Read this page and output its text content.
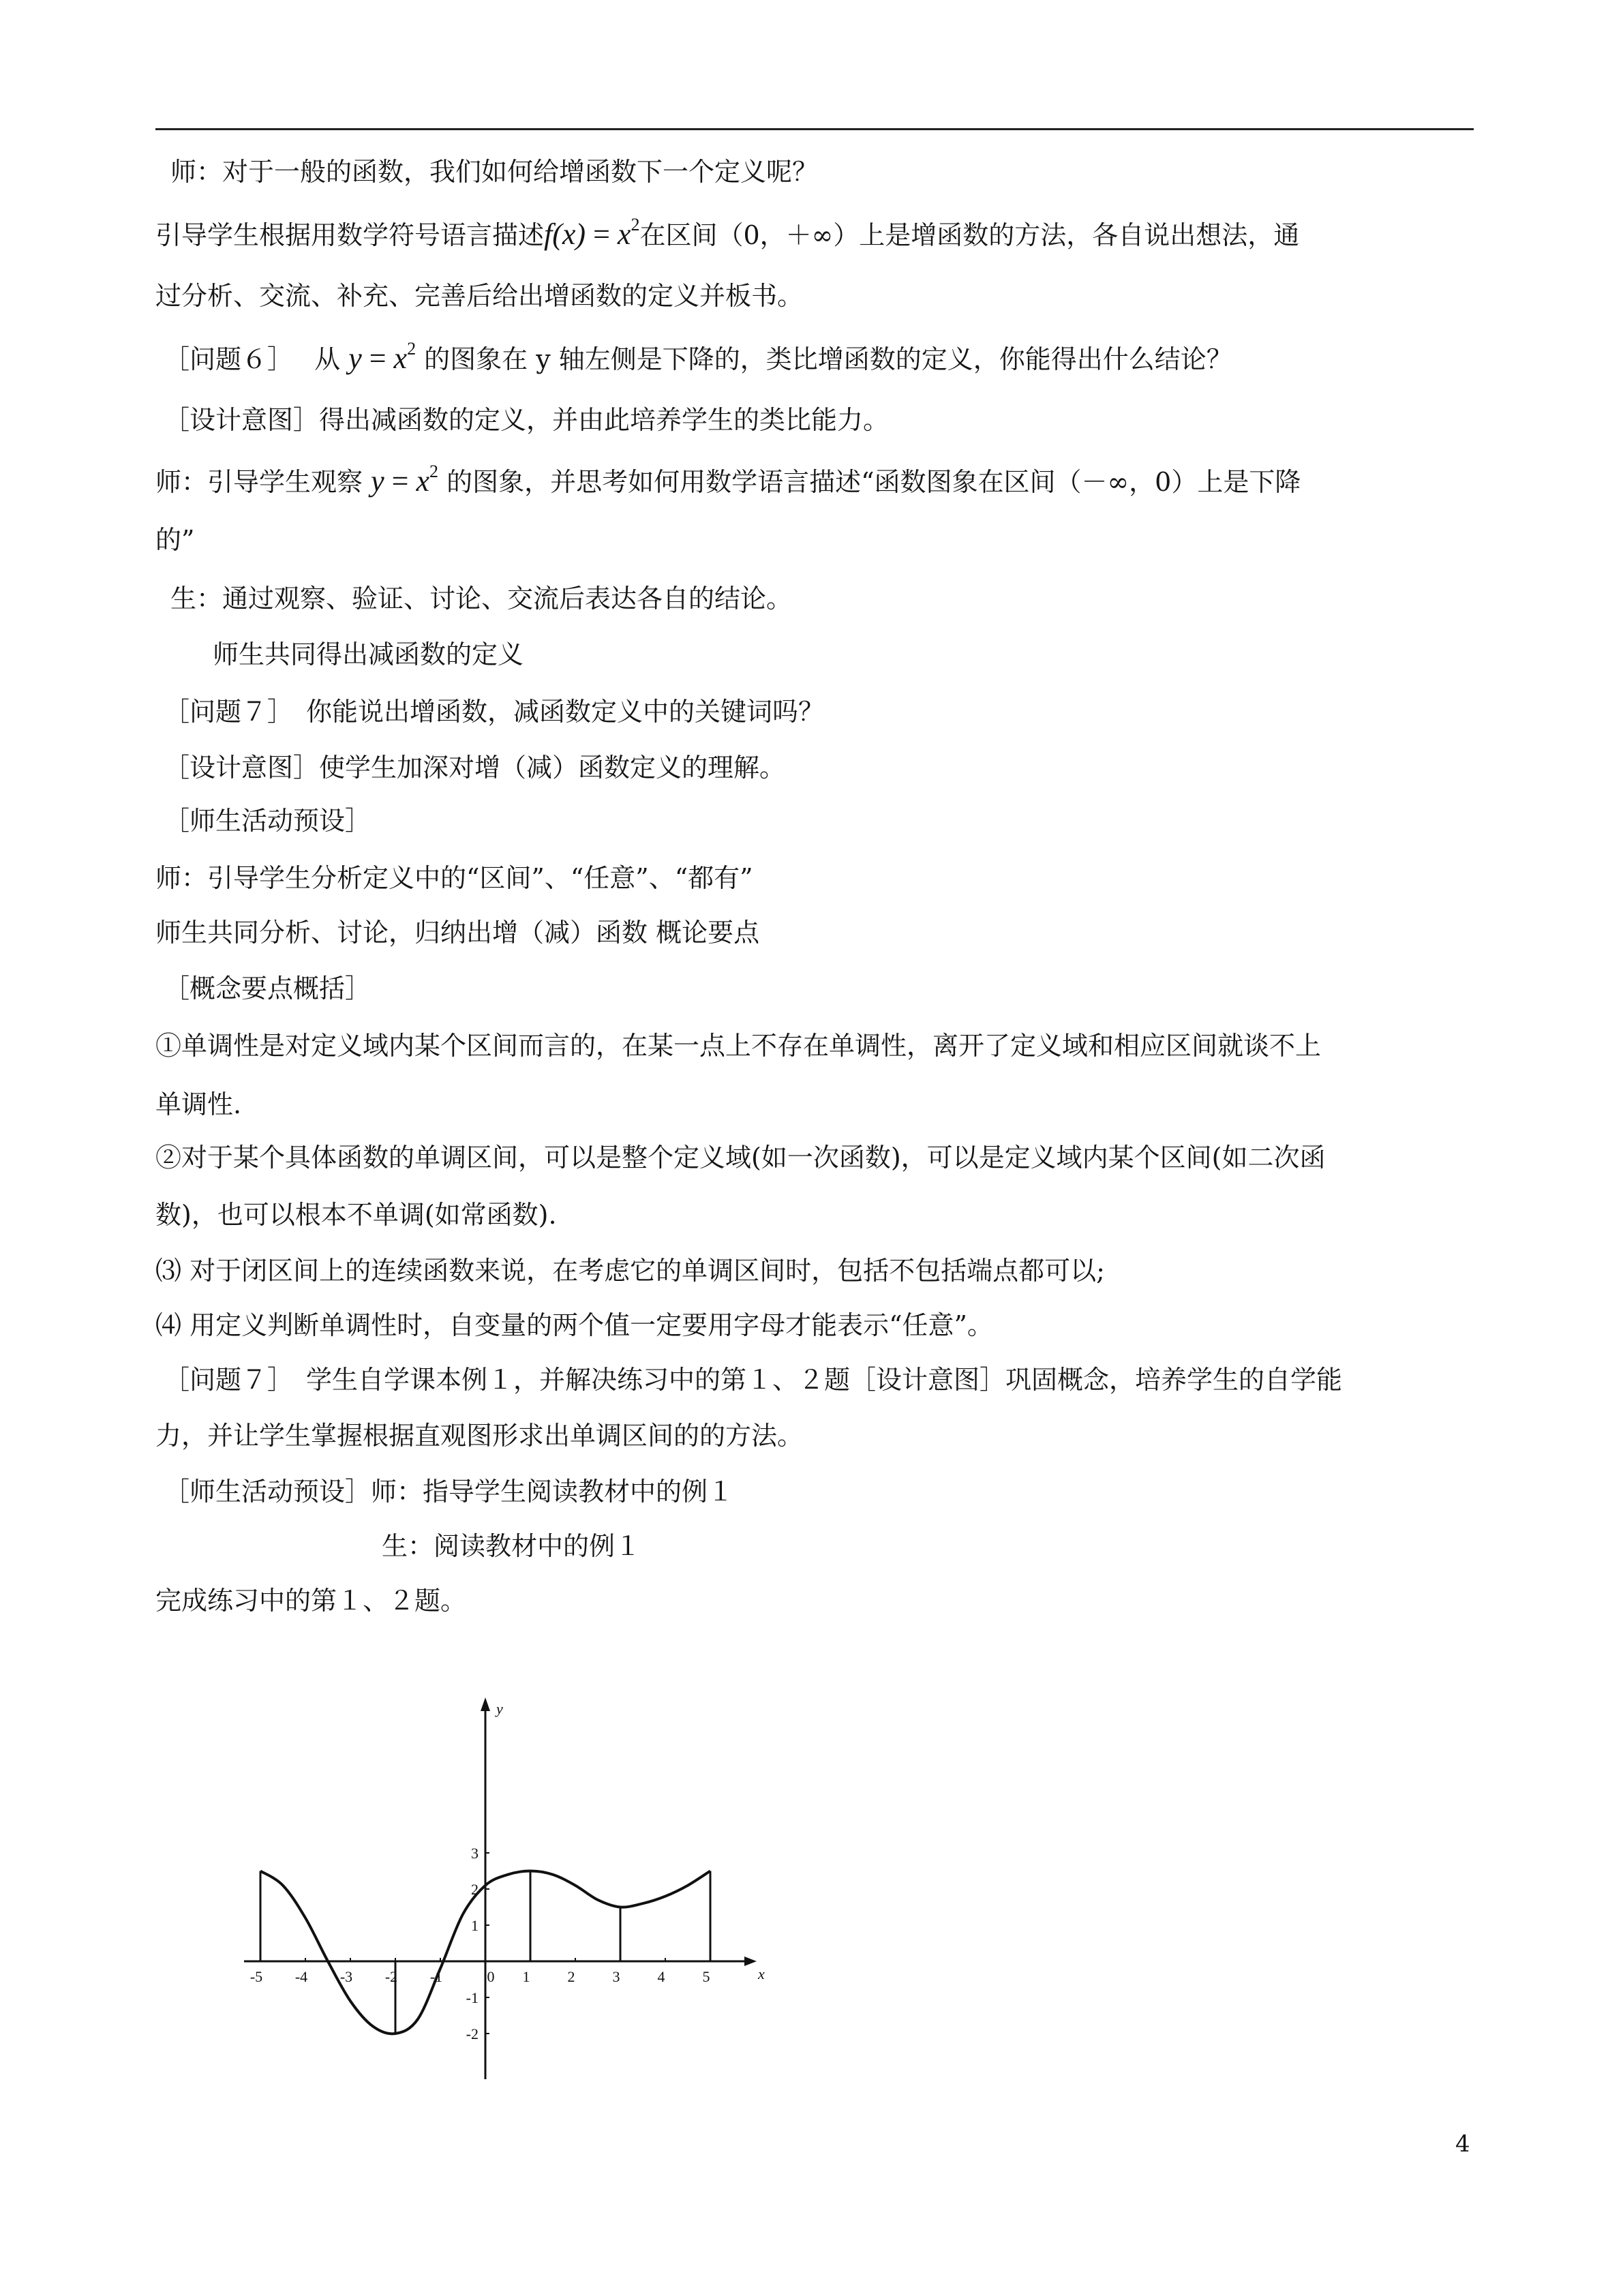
师：对于一般的函数，我们如何给增函数下一个定义呢？
引导学生根据用数学符号语言描述$f(x) = x^2$在区间（0，＋∞）上是增函数的方法，各自说出想法，通
过分析、交流、补充、完善后给出增函数的定义并板书。
［问题６］　 从 $y = x^2$ 的图象在 y 轴左侧是下降的，类比增函数的定义，你能得出什么结论？
［设计意图］得出减函数的定义，并由此培养学生的类比能力。
师：引导学生观察 $y = x^2$ 的图象，并思考如何用数学语言描述“函数图象在区间（－∞，0）上是下降
的”
生：通过观察、验证、讨论、交流后表达各自的结论。
师生共同得出减函数的定义
［问题７］　你能说出增函数，减函数定义中的关键词吗？
［设计意图］使学生加深对增（减）函数定义的理解。
［师生活动预设］
师：引导学生分析定义中的“区间”、“任意”、“都有”
师生共同分析、讨论，归纳出增（减）函数 概论要点
［概念要点概括］
①单调性是对定义域内某个区间而言的，在某一点上不存在单调性，离开了定义域和相应区间就谈不上
单调性.
②对于某个具体函数的单调区间，可以是整个定义域(如一次函数)，可以是定义域内某个区间(如二次函
数)，也可以根本不单调(如常函数).
⑶ 对于闭区间上的连续函数来说，在考虑它的单调区间时，包括不包括端点都可以;
⑷ 用定义判断单调性时，自变量的两个值一定要用字母才能表示“任意”。
［问题７］　学生自学课本例１，并解决练习中的第１、２题［设计意图］巩固概念，培养学生的自学能
力，并让学生掌握根据直观图形求出单调区间的的方法。
［师生活动预设］师：指导学生阅读教材中的例１
生：阅读教材中的例１
完成练习中的第１、２题。
x
y
-5 -4 -3 -2 -1	0 1	2	3	4	5
3
2
1
-1
-2
4
